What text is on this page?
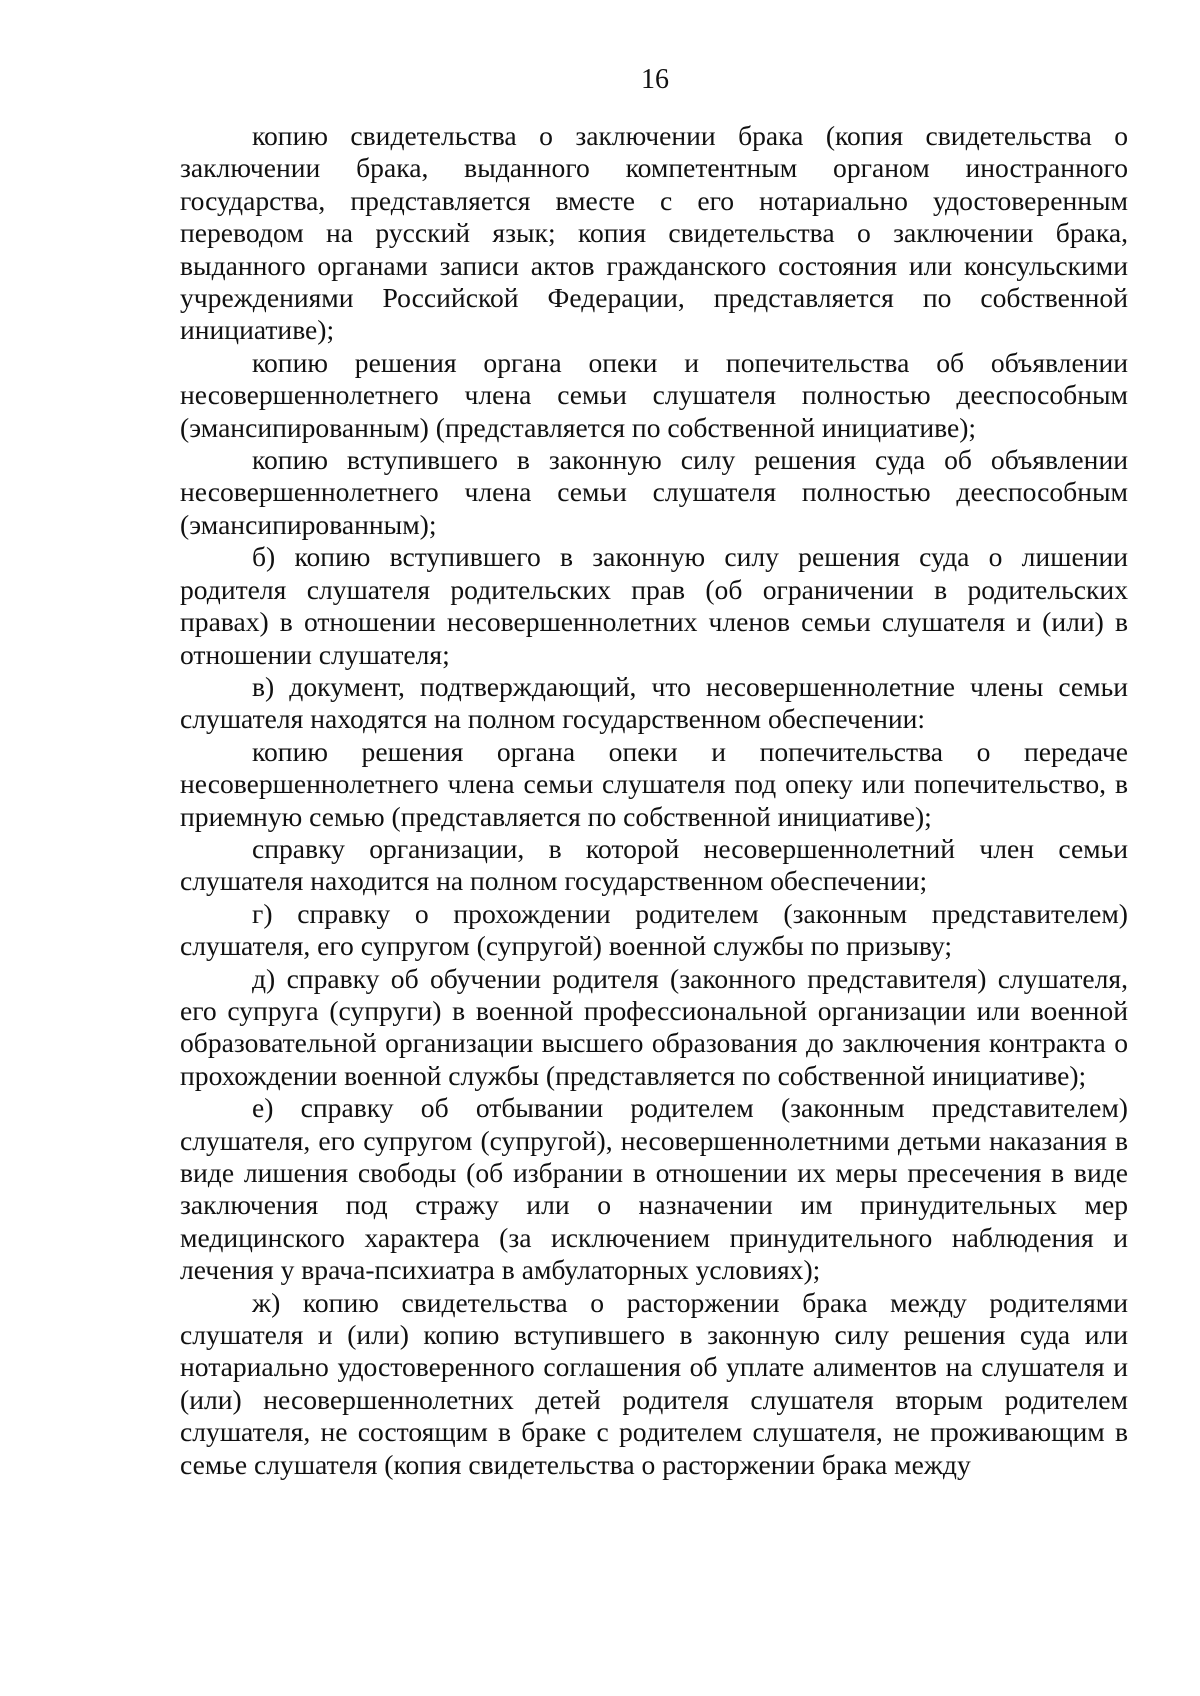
16

копию свидетельства о заключении брака (копия свидетельства о заключении брака, выданного компетентным органом иностранного государства, представляется вместе с его нотариально удостоверенным переводом на русский язык; копия свидетельства о заключении брака, выданного органами записи актов гражданского состояния или консульскими учреждениями Российской Федерации, представляется по собственной инициативе);

копию решения органа опеки и попечительства об объявлении несовершеннолетнего члена семьи слушателя полностью дееспособным (эмансипированным) (представляется по собственной инициативе);

копию вступившего в законную силу решения суда об объявлении несовершеннолетнего члена семьи слушателя полностью дееспособным (эмансипированным);

б) копию вступившего в законную силу решения суда о лишении родителя слушателя родительских прав (об ограничении в родительских правах) в отношении несовершеннолетних членов семьи слушателя и (или) в отношении слушателя;

в) документ, подтверждающий, что несовершеннолетние члены семьи слушателя находятся на полном государственном обеспечении:

копию решения органа опеки и попечительства о передаче несовершеннолетнего члена семьи слушателя под опеку или попечительство, в приемную семью (представляется по собственной инициативе);

справку организации, в которой несовершеннолетний член семьи слушателя находится на полном государственном обеспечении;

г) справку о прохождении родителем (законным представителем) слушателя, его супругом (супругой) военной службы по призыву;

д) справку об обучении родителя (законного представителя) слушателя, его супруга (супруги) в военной профессиональной организации или военной образовательной организации высшего образования до заключения контракта о прохождении военной службы (представляется по собственной инициативе);

е) справку об отбывании родителем (законным представителем) слушателя, его супругом (супругой), несовершеннолетними детьми наказания в виде лишения свободы (об избрании в отношении их меры пресечения в виде заключения под стражу или о назначении им принудительных мер медицинского характера (за исключением принудительного наблюдения и лечения у врача-психиатра в амбулаторных условиях);

ж) копию свидетельства о расторжении брака между родителями слушателя и (или) копию вступившего в законную силу решения суда или нотариально удостоверенного соглашения об уплате алиментов на слушателя и (или) несовершеннолетних детей родителя слушателя вторым родителем слушателя, не состоящим в браке с родителем слушателя, не проживающим в семье слушателя (копия свидетельства о расторжении брака между
